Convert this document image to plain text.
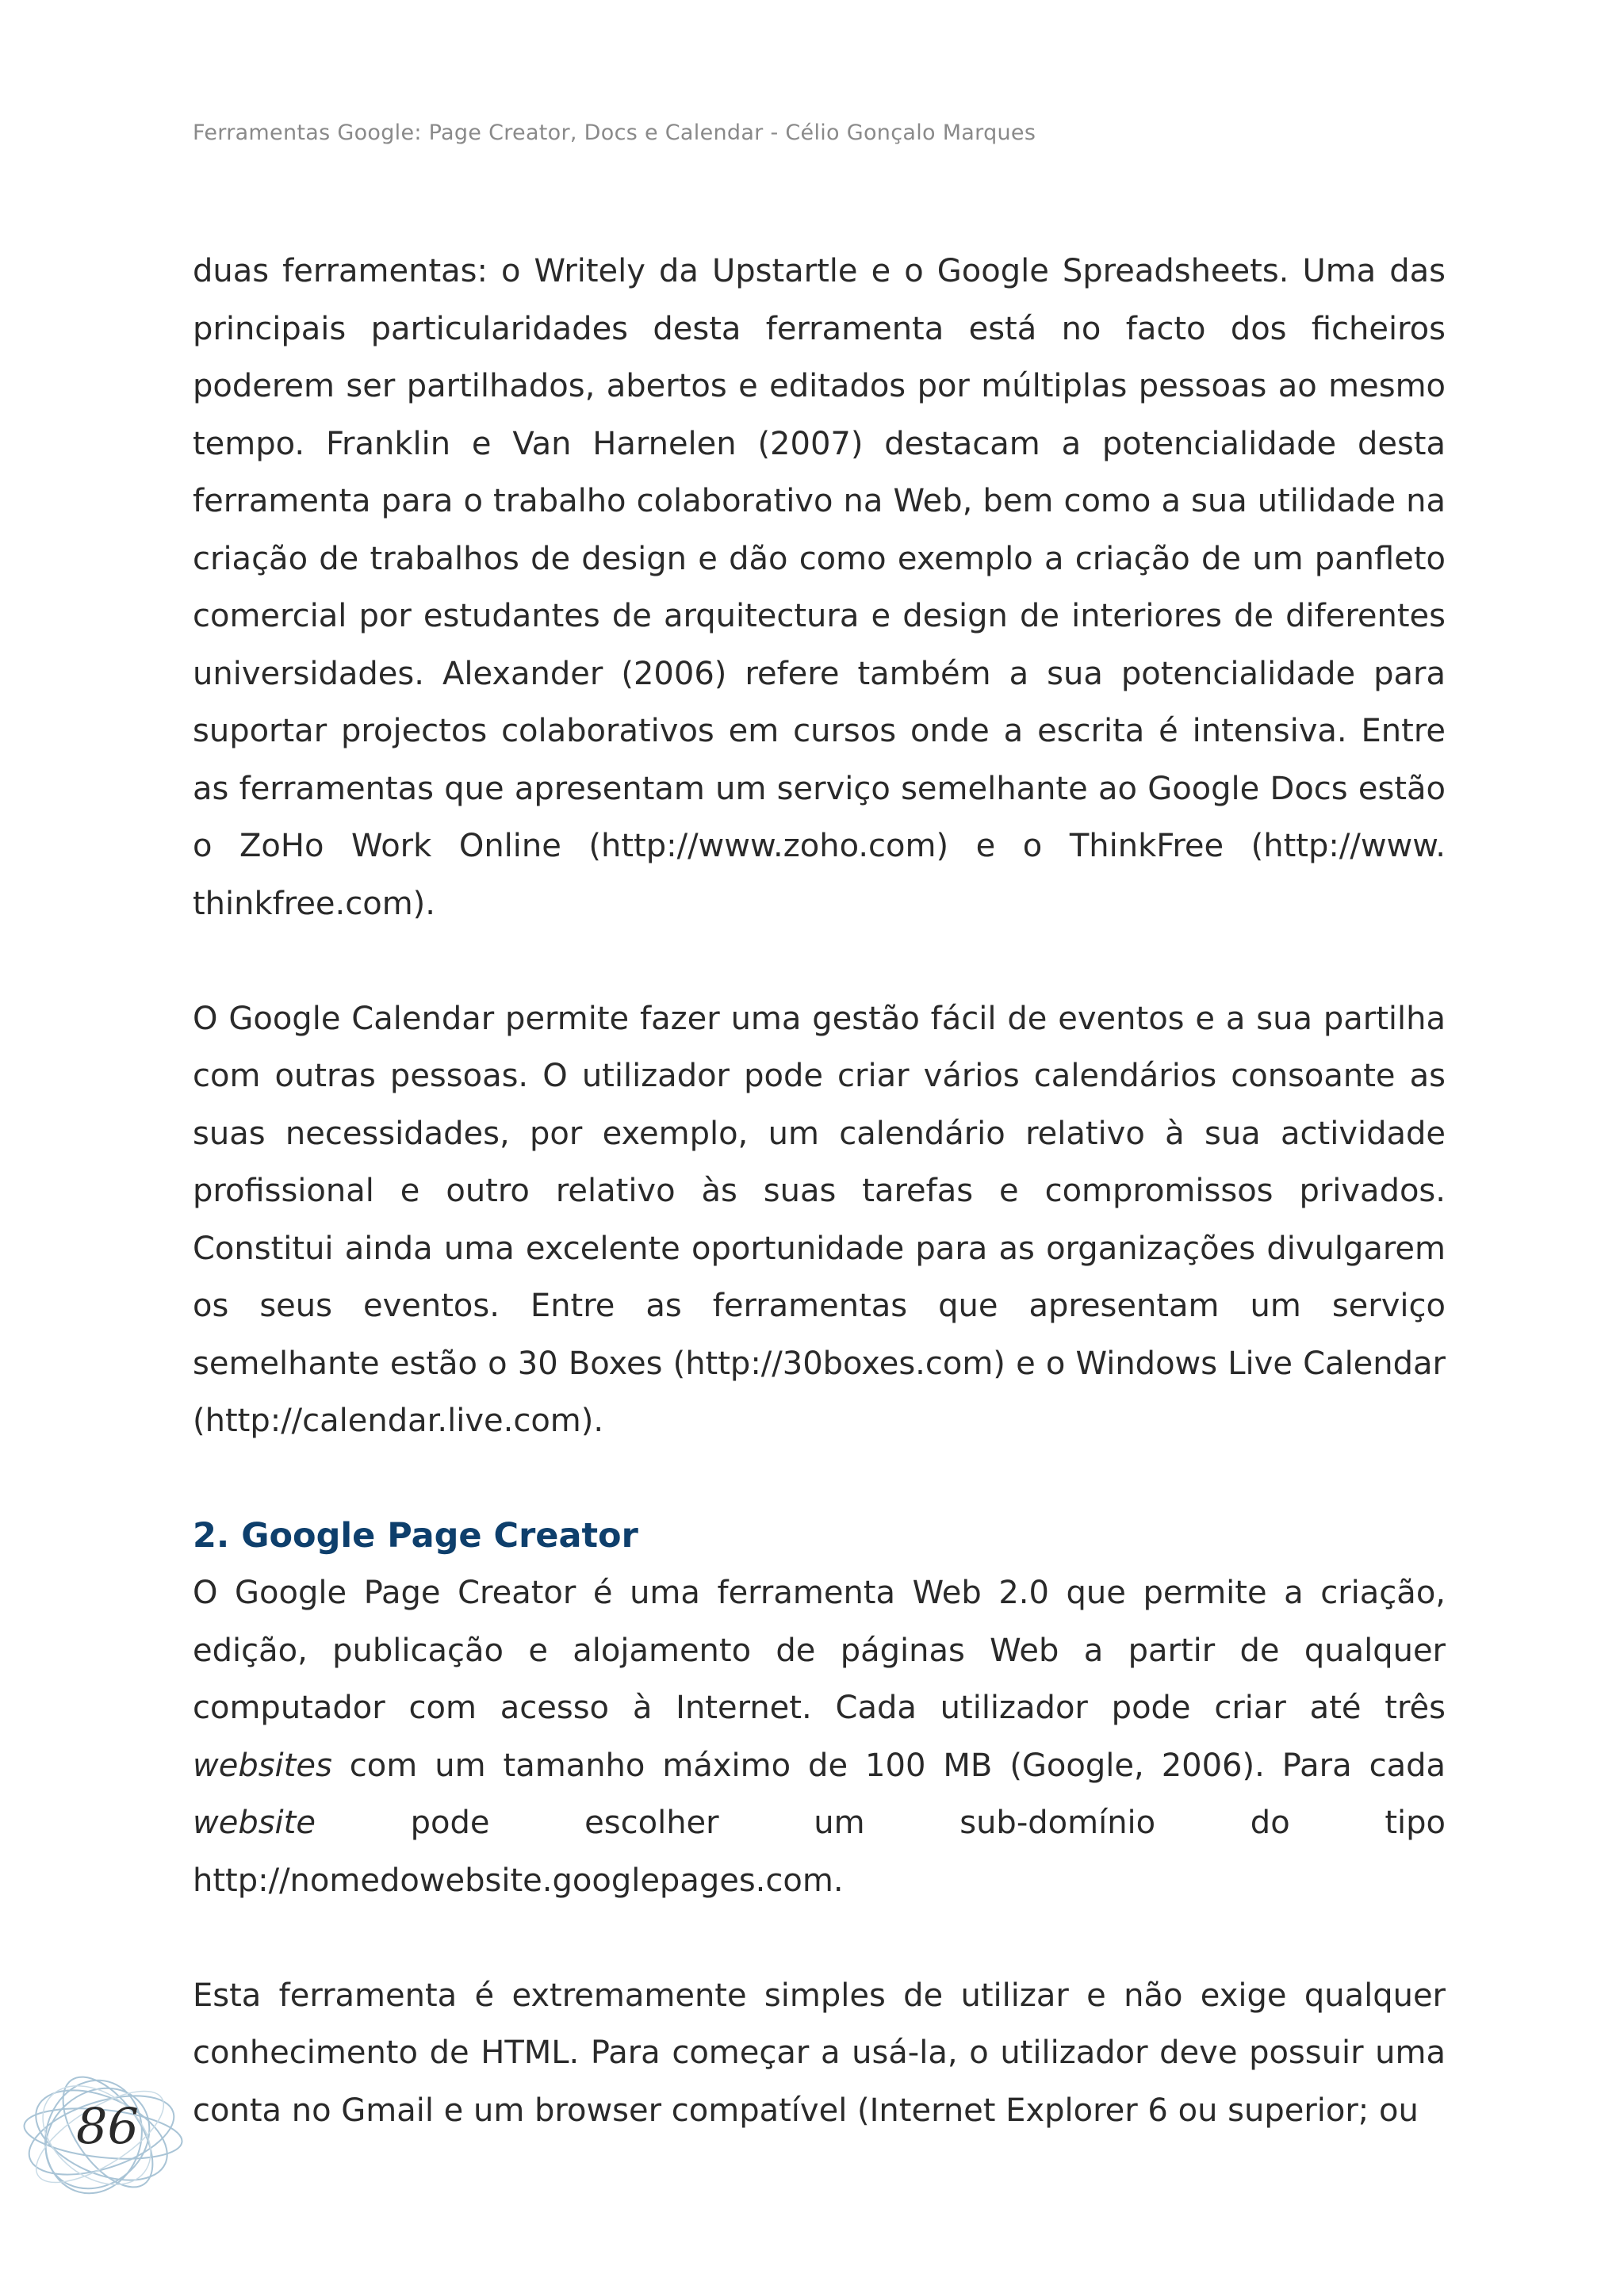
Ferramentas Google: Page Creator, Docs e Calendar - Célio Gonçalo Marques

duas ferramentas: o Writely da Upstartle e o Google Spreadsheets. Uma das principais particularidades desta ferramenta está no facto dos ficheiros poderem ser partilhados, abertos e editados por múltiplas pessoas ao mesmo tempo. Franklin e Van Harnelen (2007) destacam a potencialidade desta ferramenta para o trabalho colaborativo na Web, bem como a sua utilidade na criação de trabalhos de design e dão como exemplo a criação de um panfleto comercial por estudantes de arquitectura e design de interiores de diferentes universidades. Alexander (2006) refere também a sua potencialidade para suportar projectos colaborativos em cursos onde a escrita é intensiva. Entre as ferramentas que apresentam um serviço semelhante ao Google Docs estão o ZoHo Work Online (http://www.zoho.com) e o ThinkFree (http://www. thinkfree.com).

O Google Calendar permite fazer uma gestão fácil de eventos e a sua partilha com outras pessoas. O utilizador pode criar vários calendários consoante as suas necessidades, por exemplo, um calendário relativo à sua actividade profissional e outro relativo às suas tarefas e compromissos privados. Constitui ainda uma excelente oportunidade para as organizações divulgarem os seus eventos. Entre as ferramentas que apresentam um serviço semelhante estão o 30 Boxes (http://30boxes.com) e o Windows Live Calendar (http://calendar.live.com).

2. Google Page Creator

O Google Page Creator é uma ferramenta Web 2.0 que permite a criação, edição, publicação e alojamento de páginas Web a partir de qualquer computador com acesso à Internet. Cada utilizador pode criar até três websites com um tamanho máximo de 100 MB (Google, 2006). Para cada website pode escolher um sub-domínio do tipo http://nomedowebsite.googlepages.com.

Esta ferramenta é extremamente simples de utilizar e não exige qualquer conhecimento de HTML. Para começar a usá-la, o utilizador deve possuir uma conta no Gmail e um browser compatível (Internet Explorer 6 ou superior; ou

86
